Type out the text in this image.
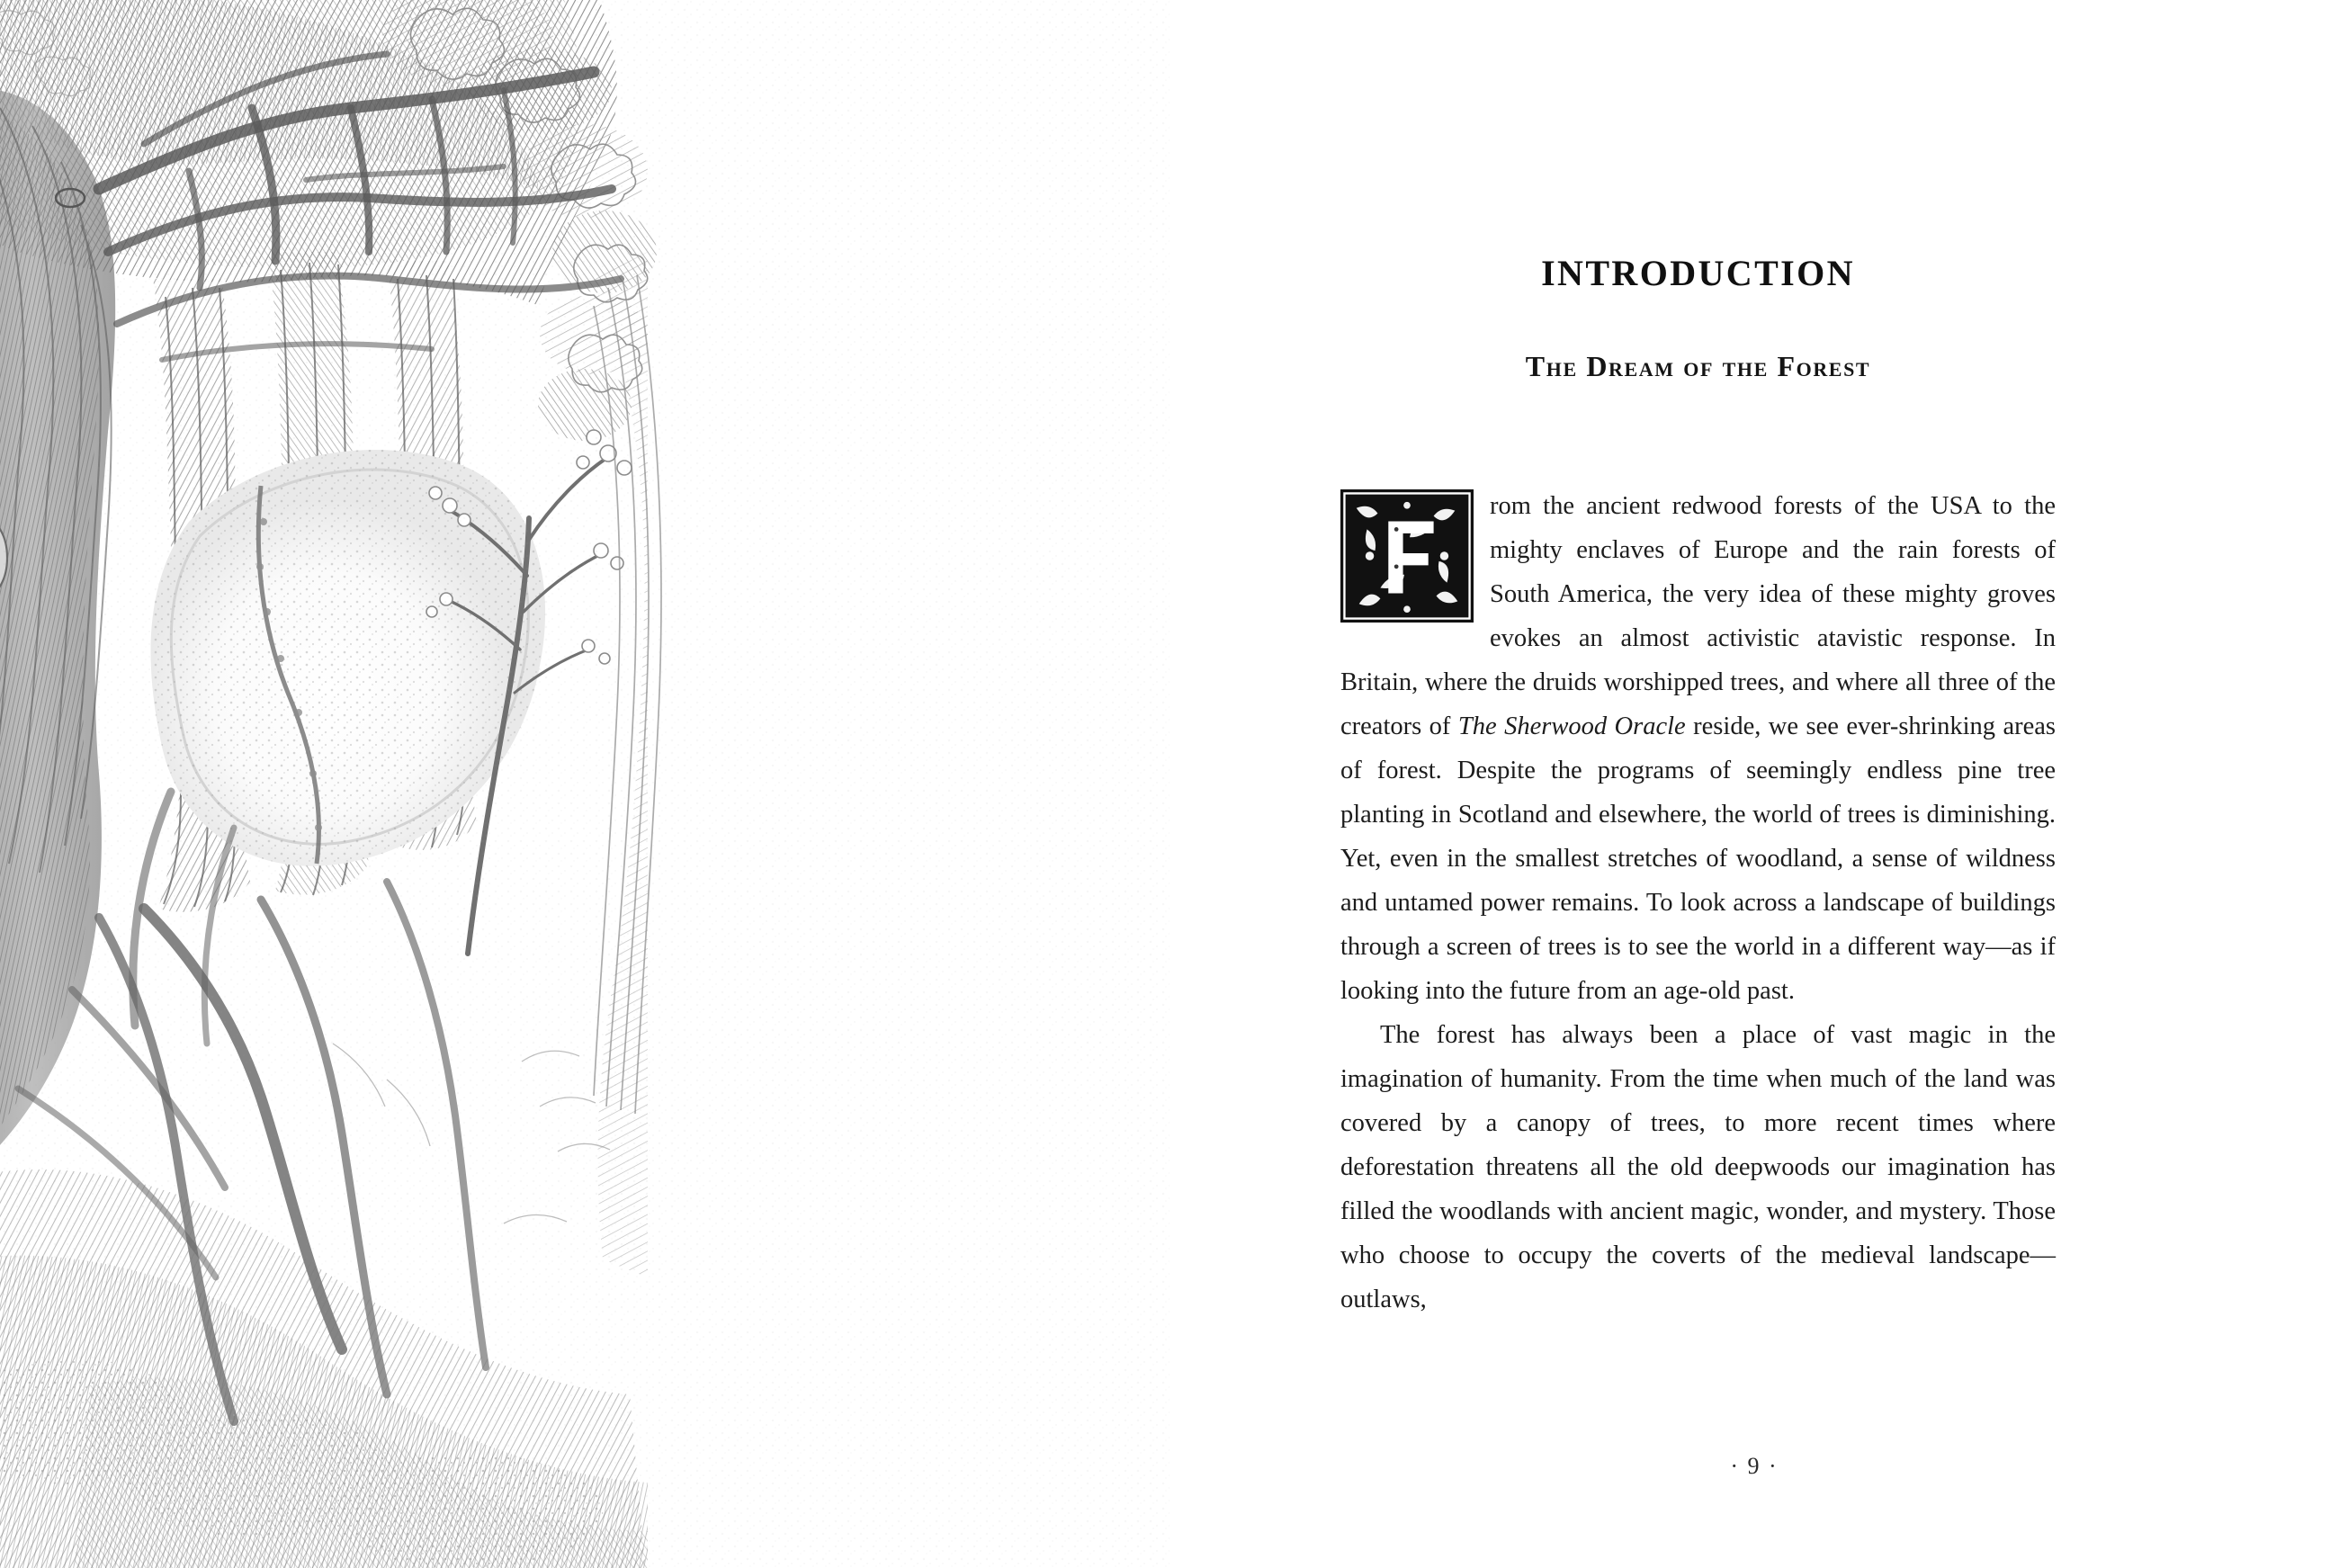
INTRODUCTION
The Dream of the Forest

rom the ancient redwood forests of the USA to the mighty enclaves of Europe and the rain forests of South America, the very idea of these mighty groves evokes an almost activistic atavistic response. In Britain, where the druids worshipped trees, and where all three of the creators of The Sherwood Oracle reside, we see ever-shrinking areas of forest. Despite the programs of seemingly endless pine tree planting in Scotland and elsewhere, the world of trees is diminishing. Yet, even in the smallest stretches of woodland, a sense of wildness and untamed power remains. To look across a landscape of buildings through a screen of trees is to see the world in a different way—as if looking into the future from an age-old past.

The forest has always been a place of vast magic in the imagination of humanity. From the time when much of the land was covered by a canopy of trees, to more recent times where deforestation threatens all the old deepwoods our imagination has filled the woodlands with ancient magic, wonder, and mystery. Those who choose to occupy the coverts of the medieval landscape—outlaws,

· 9 ·
